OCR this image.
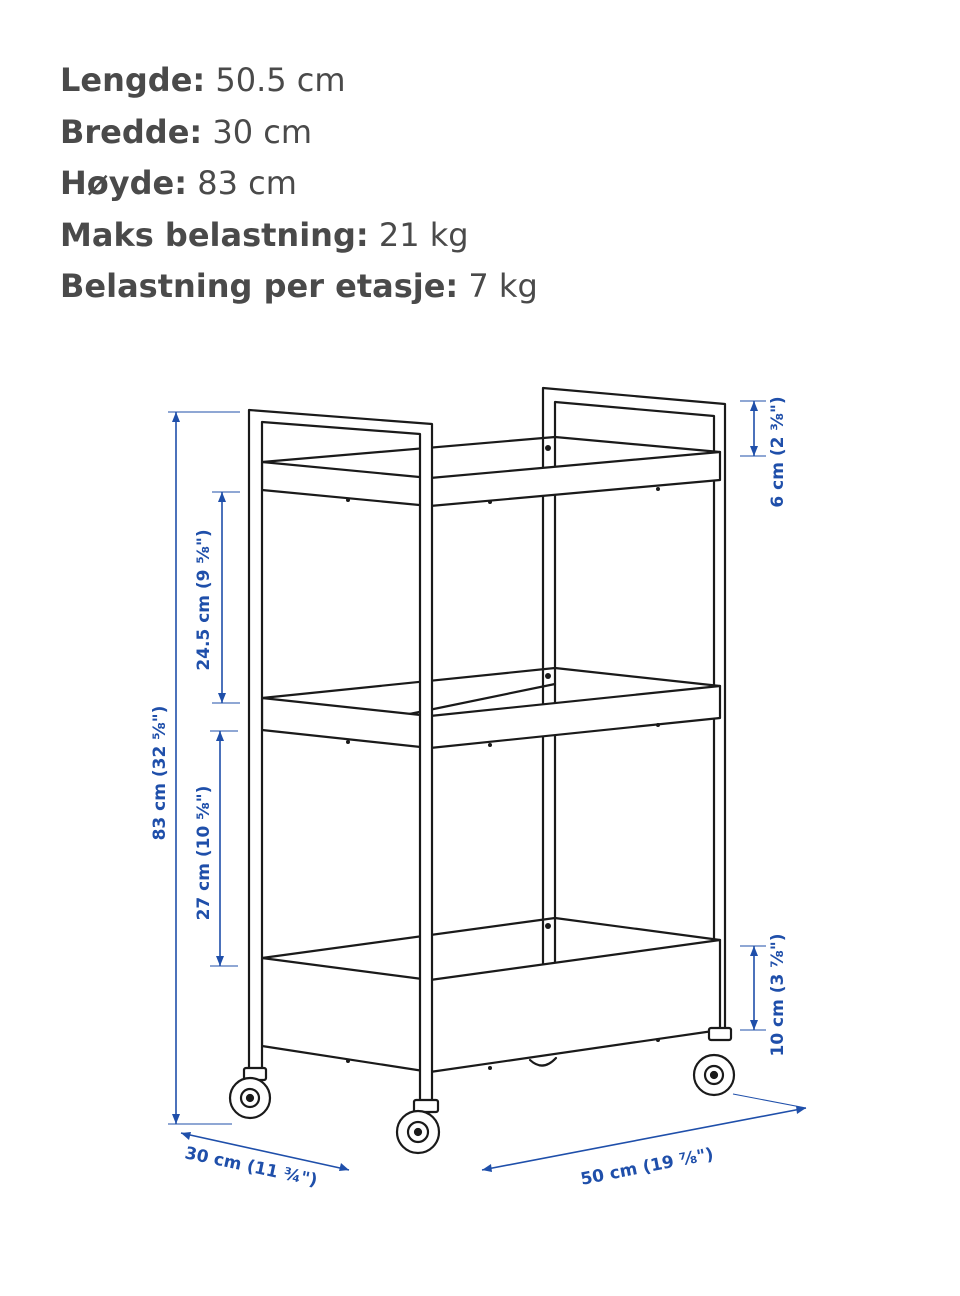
Lengde: 50.5 cm
Bredde: 30 cm
Høyde: 83 cm
Maks belastning: 21 kg
Belastning per etasje: 7 kg
83 cm (32 ⅝")
24.5 cm (9 ⅝")
27 cm (10 ⅝")
6 cm (2 ⅜")
10 cm (3 ⅞")
30 cm (11 ¾")	50 cm (19 ⅞")
